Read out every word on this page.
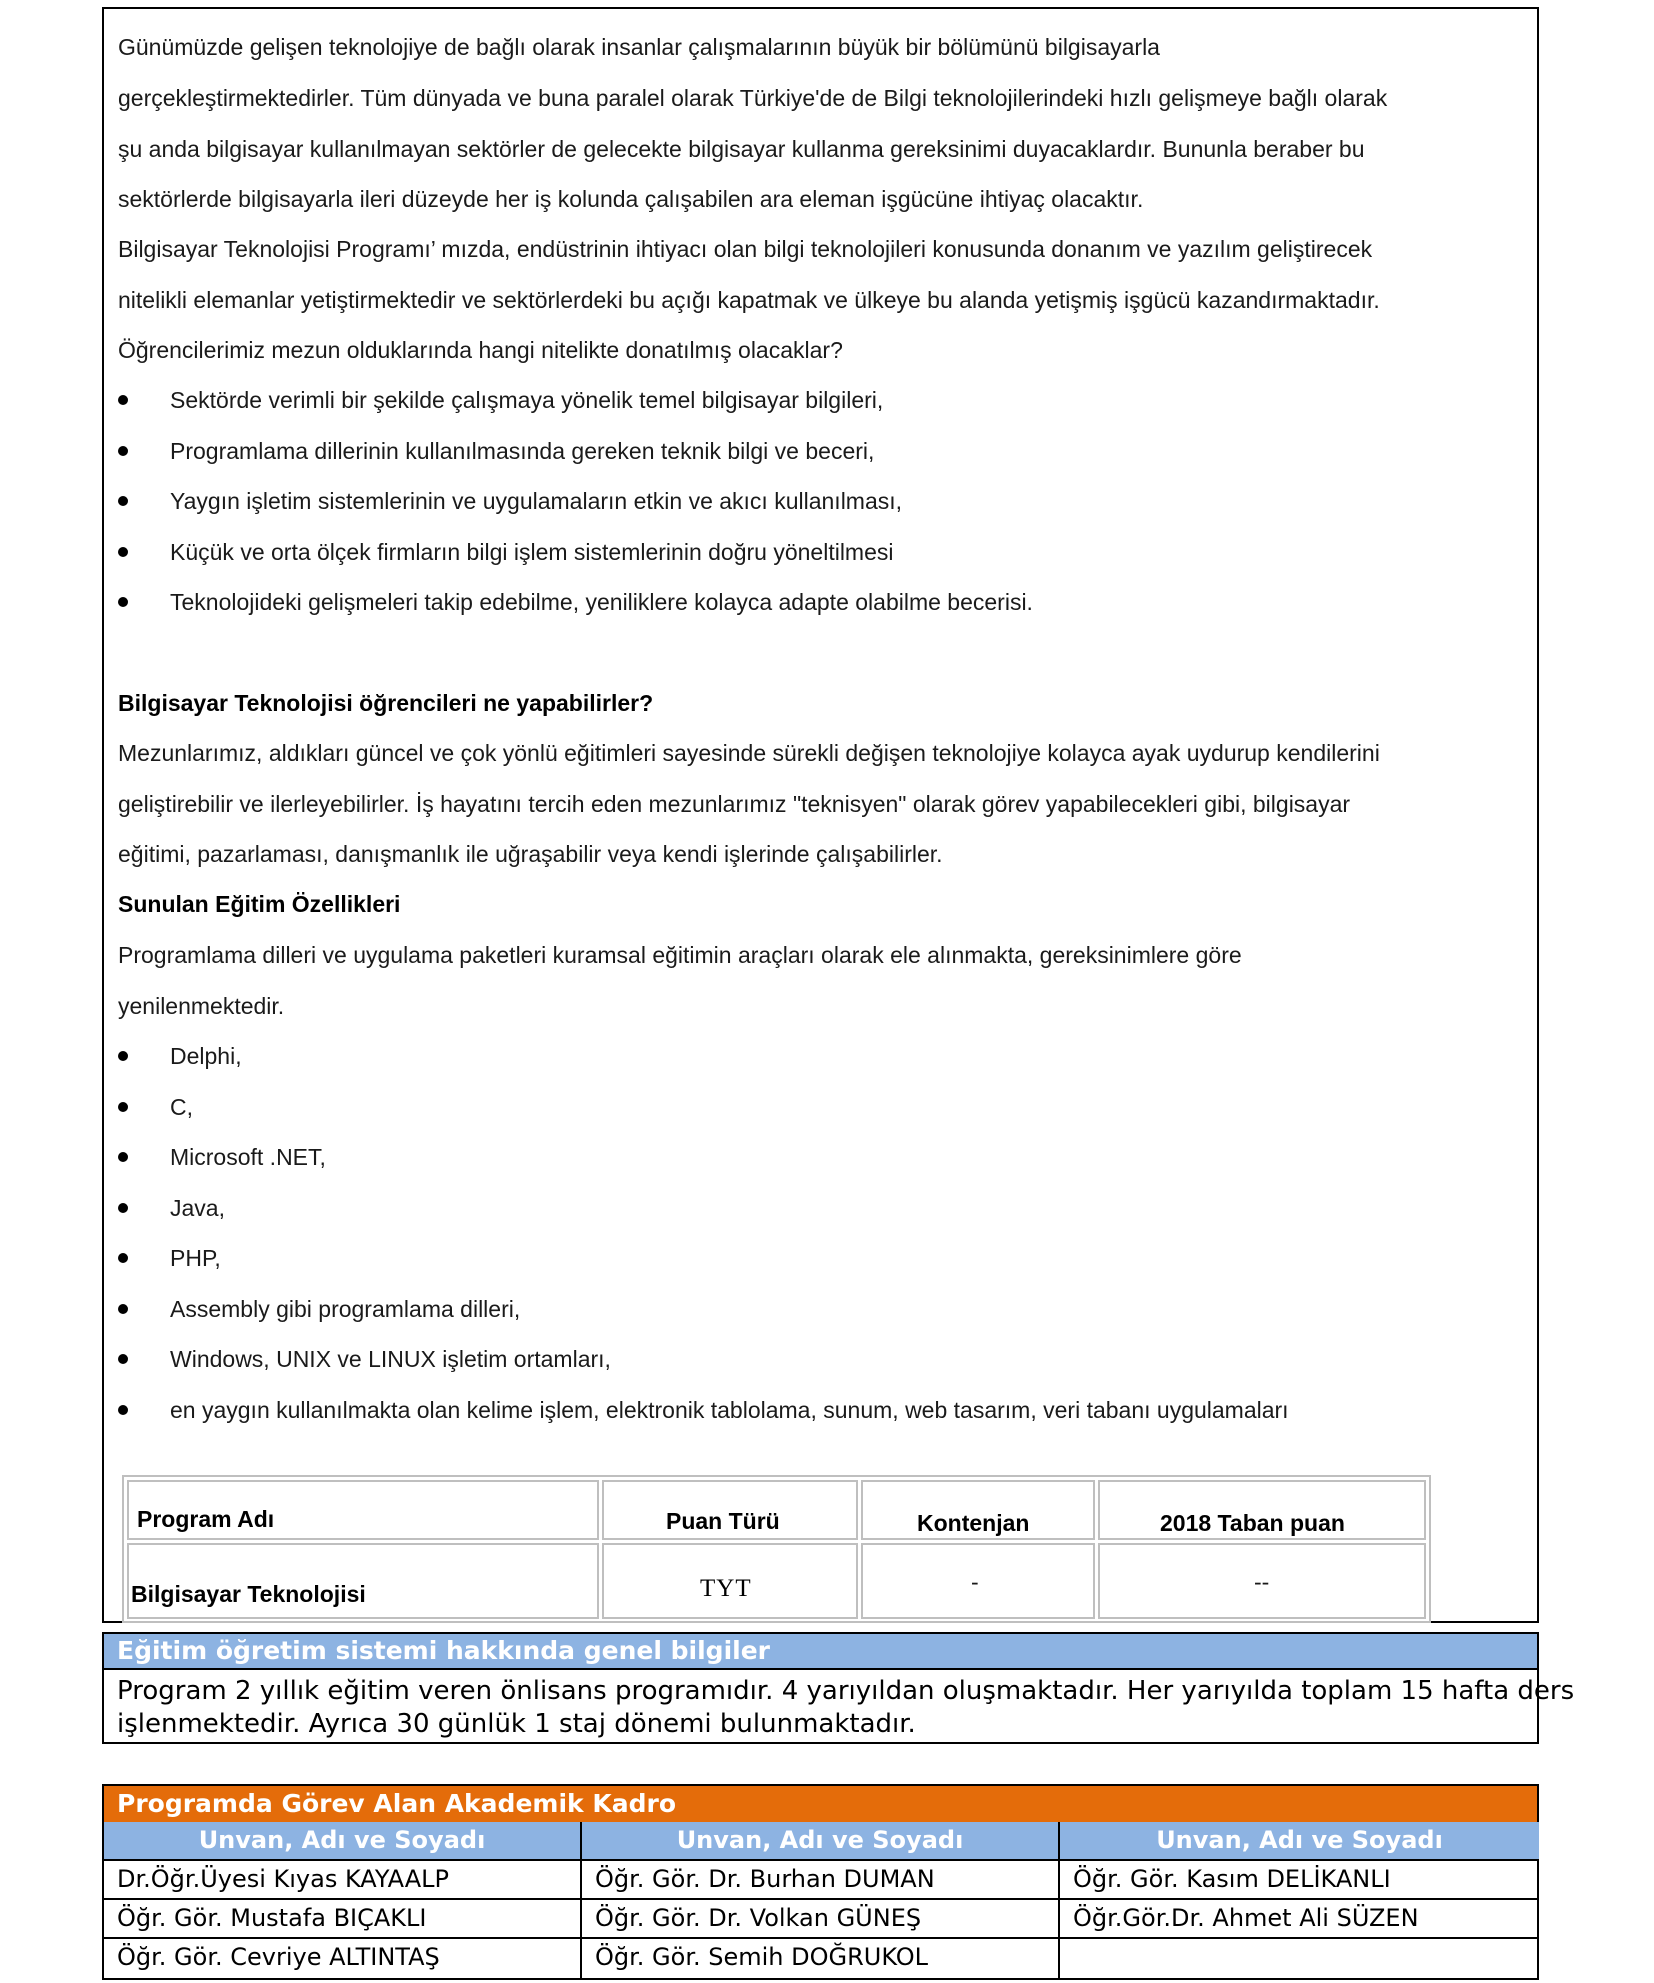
Günümüzde gelişen teknolojiye de bağlı olarak insanlar çalışmalarının büyük bir bölümünü bilgisayarla
gerçekleştirmektedirler. Tüm dünyada ve buna paralel olarak Türkiye'de de Bilgi teknolojilerindeki hızlı gelişmeye bağlı olarak
şu anda bilgisayar kullanılmayan sektörler de gelecekte bilgisayar kullanma gereksinimi duyacaklardır. Bununla beraber bu
sektörlerde bilgisayarla ileri düzeyde her iş kolunda çalışabilen ara eleman işgücüne ihtiyaç olacaktır.
Bilgisayar Teknolojisi Programı’ mızda, endüstrinin ihtiyacı olan bilgi teknolojileri konusunda donanım ve yazılım geliştirecek
nitelikli elemanlar yetiştirmektedir ve sektörlerdeki bu açığı kapatmak ve ülkeye bu alanda yetişmiş işgücü kazandırmaktadır.
Öğrencilerimiz mezun olduklarında hangi nitelikte donatılmış olacaklar?
Sektörde verimli bir şekilde çalışmaya yönelik temel bilgisayar bilgileri,
Programlama dillerinin kullanılmasında gereken teknik bilgi ve beceri,
Yaygın işletim sistemlerinin ve uygulamaların etkin ve akıcı kullanılması,
Küçük ve orta ölçek firmların bilgi işlem sistemlerinin doğru yöneltilmesi
Teknolojideki gelişmeleri takip edebilme, yeniliklere kolayca adapte olabilme becerisi.
Bilgisayar Teknolojisi öğrencileri ne yapabilirler?
Mezunlarımız, aldıkları güncel ve çok yönlü eğitimleri sayesinde sürekli değişen teknolojiye kolayca ayak uydurup kendilerini
geliştirebilir ve ilerleyebilirler. İş hayatını tercih eden mezunlarımız "teknisyen" olarak görev yapabilecekleri gibi, bilgisayar
eğitimi, pazarlaması, danışmanlık ile uğraşabilir veya kendi işlerinde çalışabilirler.
Sunulan Eğitim Özellikleri
Programlama dilleri ve uygulama paketleri kuramsal eğitimin araçları olarak ele alınmakta, gereksinimlere göre
yenilenmektedir.
Delphi,
C,
Microsoft .NET,
Java,
PHP,
Assembly gibi programlama dilleri,
Windows, UNIX ve LINUX işletim ortamları,
en yaygın kullanılmakta olan kelime işlem, elektronik tablolama, sunum, web tasarım, veri tabanı uygulamaları
Program Adı	Puan Türü	Kontenjan	2018 Taban puan
Bilgisayar Teknolojisi	TYT	-	--
Eğitim öğretim sistemi hakkında genel bilgiler
Program 2 yıllık eğitim veren önlisans programıdır. 4 yarıyıldan oluşmaktadır. Her yarıyılda toplam 15 hafta ders
işlenmektedir. Ayrıca 30 günlük 1 staj dönemi bulunmaktadır.
Programda Görev Alan Akademik Kadro
Unvan, Adı ve Soyadı	Unvan, Adı ve Soyadı	Unvan, Adı ve Soyadı
Dr.Öğr.Üyesi Kıyas KAYAALP	Öğr. Gör. Dr. Burhan DUMAN	Öğr. Gör. Kasım DELİKANLI
Öğr. Gör. Mustafa BIÇAKLI	Öğr. Gör. Dr. Volkan GÜNEŞ	Öğr.Gör.Dr. Ahmet Ali SÜZEN
Öğr. Gör. Cevriye ALTINTAŞ	Öğr. Gör. Semih DOĞRUKOL
